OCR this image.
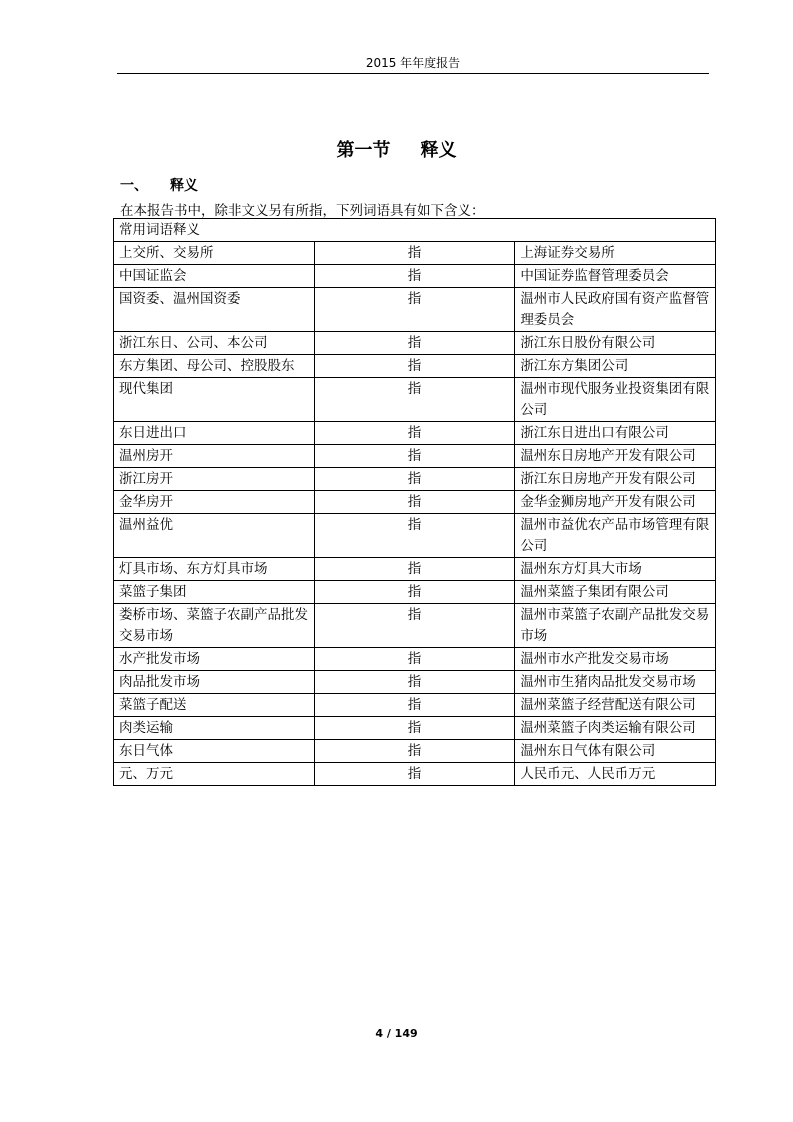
2015 年年度报告
第一节 释义
一、 释义
在本报告书中，除非文义另有所指，下列词语具有如下含义：
常用词语释义		
上交所、交易所	指	上海证券交易所
中国证监会	指	中国证券监督管理委员会
国资委、温州国资委	指	温州市人民政府国有资产监督管理委员会
浙江东日、公司、本公司	指	浙江东日股份有限公司
东方集团、母公司、控股股东	指	浙江东方集团公司
现代集团	指	温州市现代服务业投资集团有限公司
东日进出口	指	浙江东日进出口有限公司
温州房开	指	温州东日房地产开发有限公司
浙江房开	指	浙江东日房地产开发有限公司
金华房开	指	金华金狮房地产开发有限公司
温州益优	指	温州市益优农产品市场管理有限公司
灯具市场、东方灯具市场	指	温州东方灯具大市场
菜篮子集团	指	温州菜篮子集团有限公司
娄桥市场、菜篮子农副产品批发交易市场	指	温州市菜篮子农副产品批发交易市场
水产批发市场	指	温州市水产批发交易市场
肉品批发市场	指	温州市生猪肉品批发交易市场
菜篮子配送	指	温州菜篮子经营配送有限公司
肉类运输	指	温州菜篮子肉类运输有限公司
东日气体	指	温州东日气体有限公司
元、万元	指	人民币元、人民币万元
4 / 149
